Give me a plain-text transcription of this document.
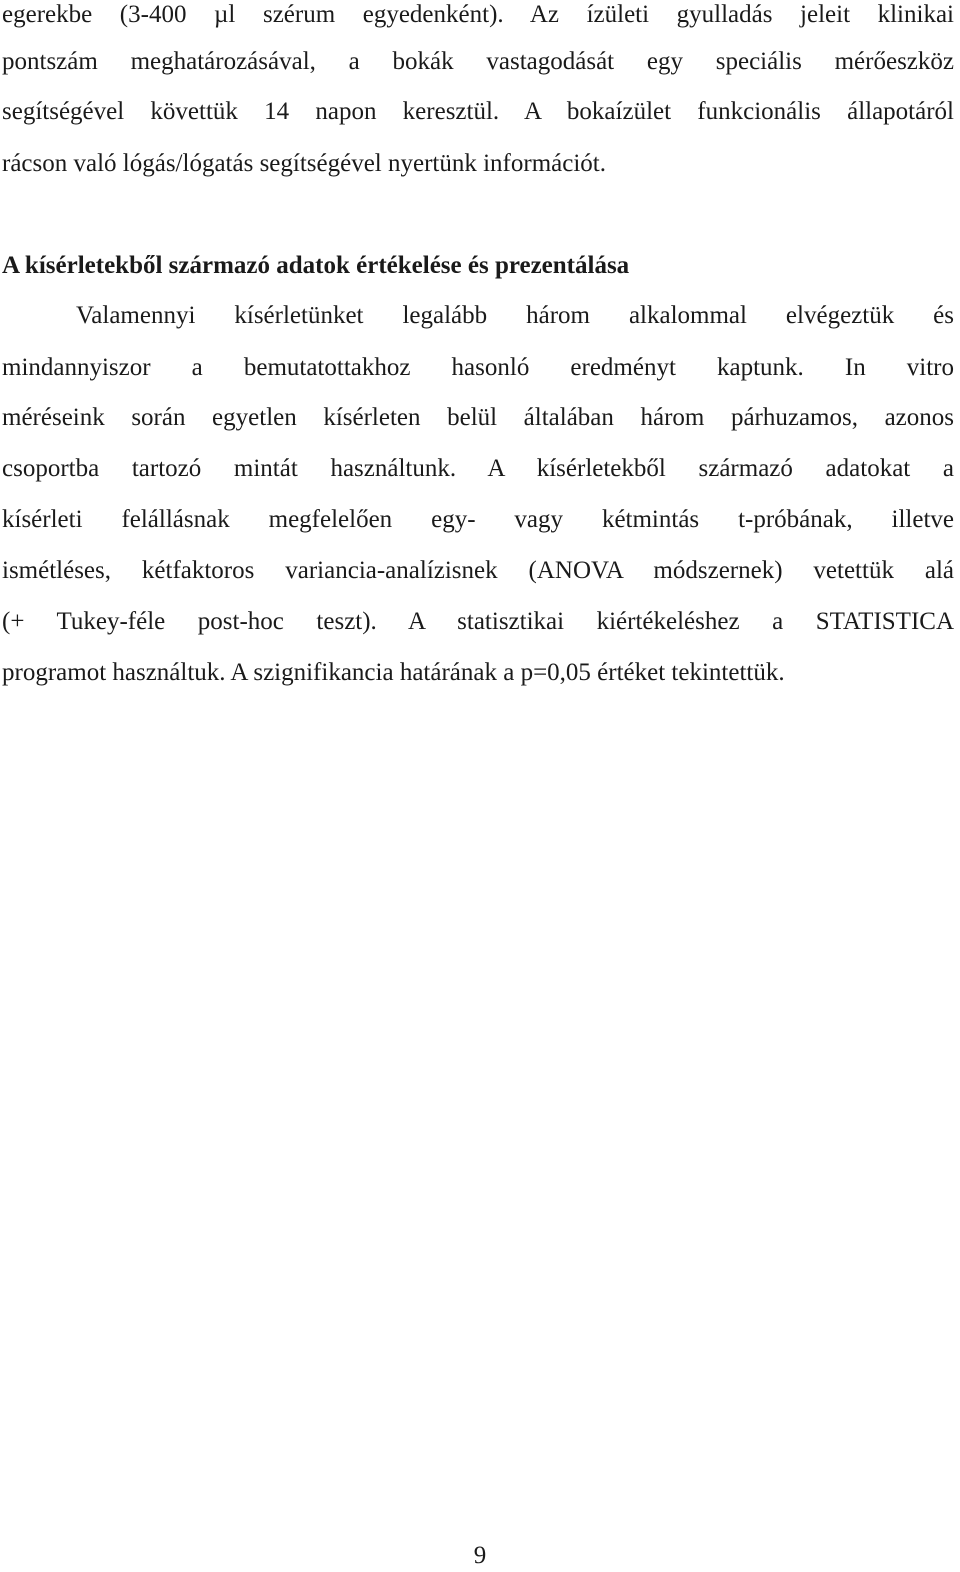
egerekbe (3-400 µl szérum egyedenként). Az ízületi gyulladás jeleit klinikai
pontszám meghatározásával, a bokák vastagodását egy speciális mérőeszköz
segítségével követtük 14 napon keresztül. A bokaízület funkcionális állapotáról
rácson való lógás/lógatás segítségével nyertünk információt.
A kísérletekből származó adatok értékelése és prezentálása
Valamennyi kísérletünket legalább három alkalommal elvégeztük és
mindannyiszor a bemutatottakhoz hasonló eredményt kaptunk. In vitro
méréseink során egyetlen kísérleten belül általában három párhuzamos, azonos
csoportba tartozó mintát használtunk. A kísérletekből származó adatokat a
kísérleti felállásnak megfelelően egy- vagy kétmintás t-próbának, illetve
ismétléses, kétfaktoros variancia-analízisnek (ANOVA módszernek) vetettük alá
(+ Tukey-féle post-hoc teszt). A statisztikai kiértékeléshez a STATISTICA
programot használtuk. A szignifikancia határának a p=0,05 értéket tekintettük.
9
